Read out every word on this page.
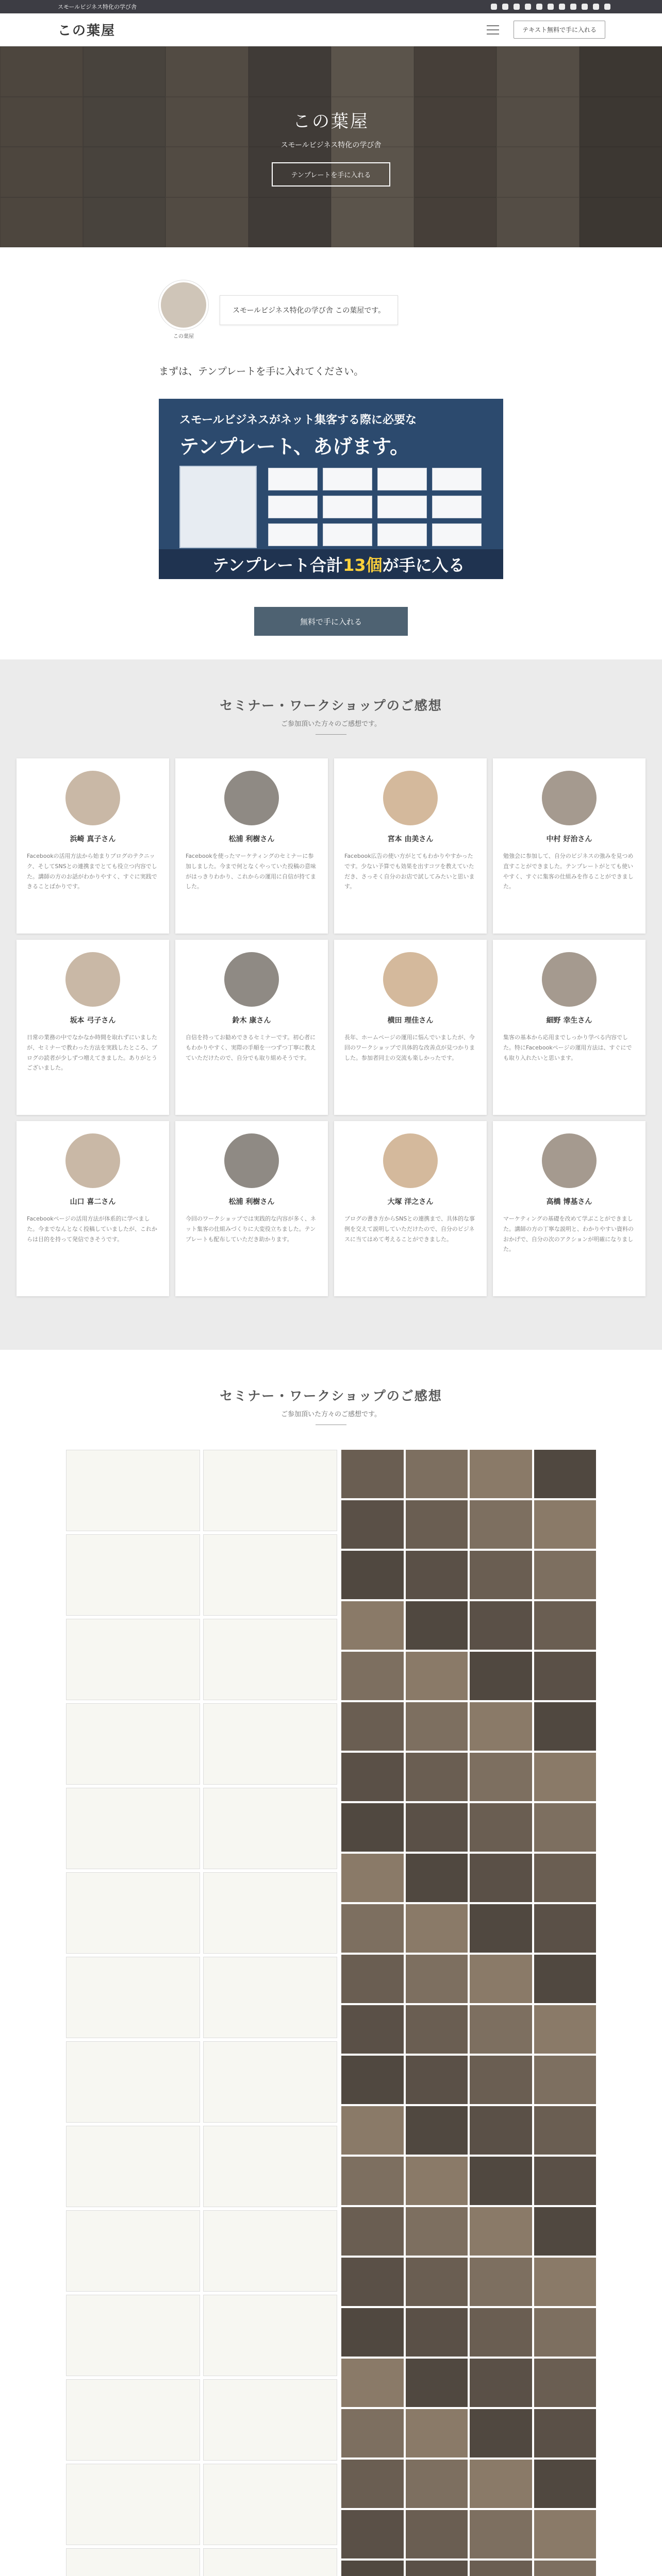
スモールビジネス特化の学び舎
この葉屋	テキスト無料で手に入れる
この葉屋

スモールビジネス特化の学び舎

テンプレートを手に入れる
この葉屋
スモールビジネス特化の学び舎 この葉屋です。
まずは、テンプレートを手に入れてください。
スモールビジネスがネット集客する際に必要な
テンプレート、あげます。
テンプレート合計 13個 が手に入る
無料で手に入れる
セミナー・ワークショップのご感想
ご参加頂いた方々のご感想です。
浜崎 真子さん
Facebookの活用方法から始まりブログのテクニック、そしてSNSとの連携までとても役立つ内容でした。講師の方のお話がわかりやすく、すぐに実践できることばかりです。
松浦 利樹さん
Facebookを使ったマーケティングのセミナーに参加しました。今まで何となくやっていた投稿の意味がはっきりわかり、これからの運用に自信が持てました。
宮本 由美さん
Facebook広告の使い方がとてもわかりやすかったです。少ない予算でも効果を出すコツを教えていただき、さっそく自分のお店で試してみたいと思います。
中村 好治さん
勉強会に参加して、自分のビジネスの強みを見つめ直すことができました。テンプレートがとても使いやすく、すぐに集客の仕組みを作ることができました。
坂本 弓子さん
日常の業務の中でなかなか時間を取れずにいましたが、セミナーで教わった方法を実践したところ、ブログの読者が少しずつ増えてきました。ありがとうございました。
鈴木 康さん
自信を持ってお勧めできるセミナーです。初心者にもわかりやすく、実際の手順を一つずつ丁寧に教えていただけたので、自分でも取り組めそうです。
横田 理佳さん
長年、ホームページの運用に悩んでいましたが、今回のワークショップで具体的な改善点が見つかりました。参加者同士の交流も楽しかったです。
細野 幸生さん
集客の基本から応用までしっかり学べる内容でした。特にFacebookページの運用方法は、すぐにでも取り入れたいと思います。
山口 喜二さん
Facebookページの活用方法が体系的に学べました。今までなんとなく投稿していましたが、これからは目的を持って発信できそうです。
松浦 利樹さん
今回のワークショップでは実践的な内容が多く、ネット集客の仕組みづくりに大変役立ちました。テンプレートも配布していただき助かります。
大塚 洋之さん
ブログの書き方からSNSとの連携まで、具体的な事例を交えて説明していただけたので、自分のビジネスに当てはめて考えることができました。
高橋 博基さん
マーケティングの基礎を改めて学ぶことができました。講師の方の丁寧な説明と、わかりやすい資料のおかげで、自分の次のアクションが明確になりました。
セミナー・ワークショップのご感想
ご参加頂いた方々のご感想です。
